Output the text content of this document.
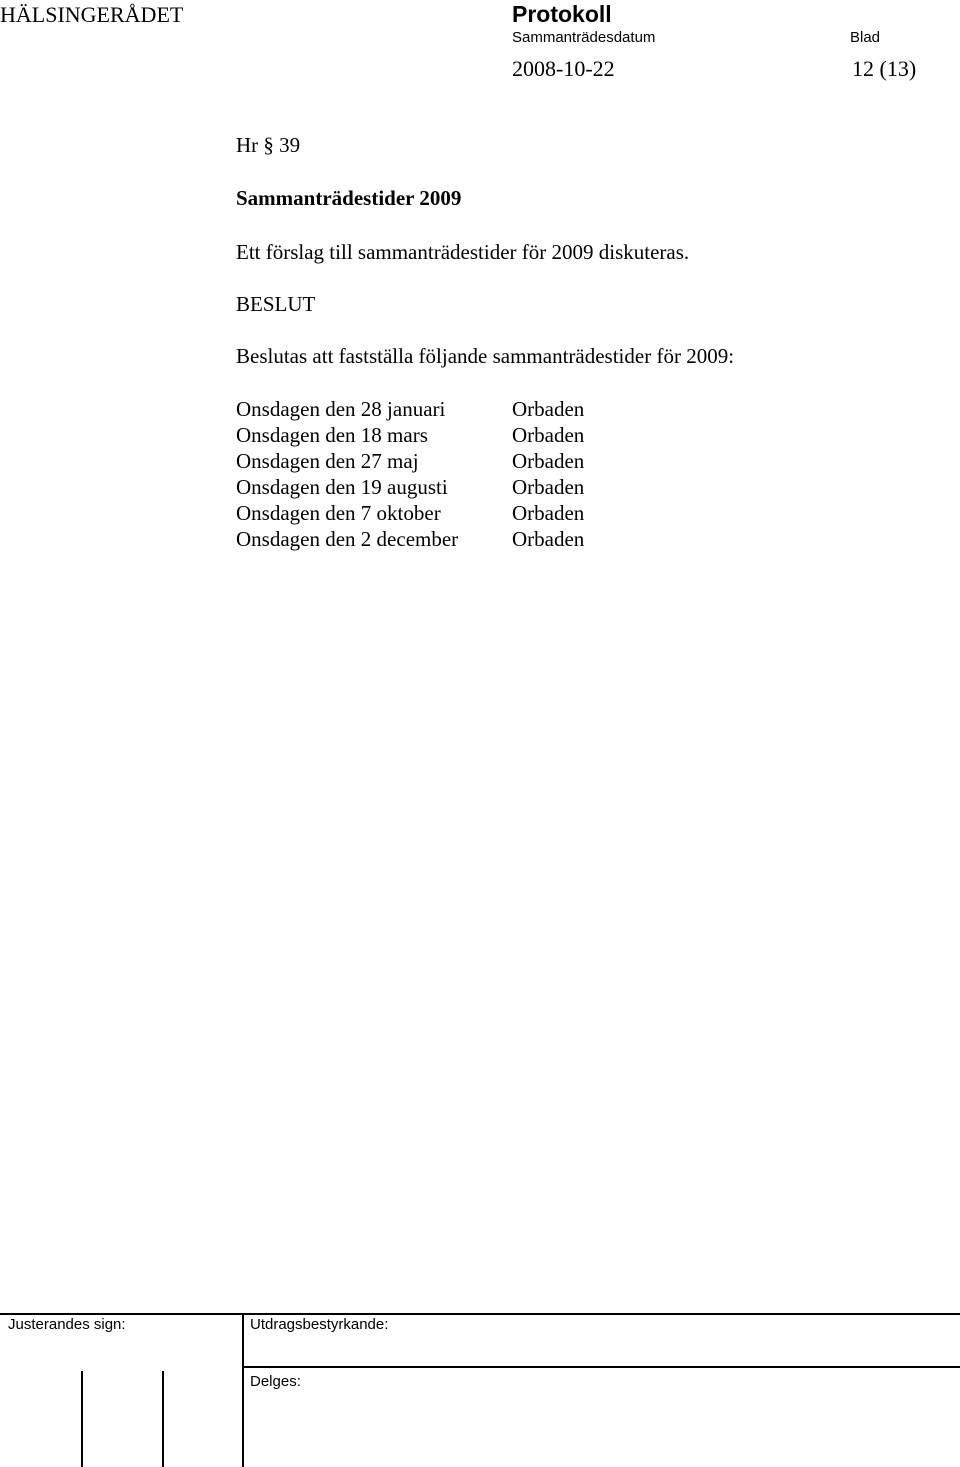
HÄLSINGERÅDET	Protokoll
Sammanträdesdatum	Blad
2008-10-22	12 (13)
Hr § 39
Sammanträdestider 2009
Ett förslag till sammanträdestider för 2009 diskuteras.
BESLUT
Beslutas att fastställa följande sammanträdestider för 2009:
Onsdagen den 28 januari	Orbaden
Onsdagen den 18 mars	Orbaden
Onsdagen den 27 maj	Orbaden
Onsdagen den 19 augusti	Orbaden
Onsdagen den 7 oktober	Orbaden
Onsdagen den 2 december	Orbaden
Justerandes sign:	Utdragsbestyrkande:
Delges:
